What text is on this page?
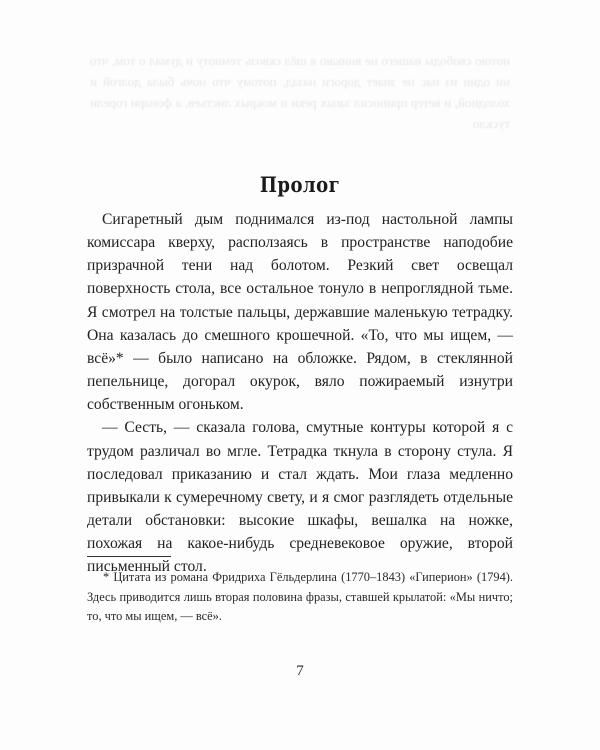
нотою свободы нашего не вникаю я шёл сквозь темноту и думал о том, что ни один из нас не знает дороги назад, потому что ночь была долгой и холодной, и ветер приносил запах реки и мокрых листьев, а фонари горели тускло
Пролог

Сигаретный дым поднимался из-под настольной лампы комиссара кверху, расползаясь в пространстве наподобие призрачной тени над болотом. Резкий свет освещал поверхность стола, все остальное тонуло в непроглядной тьме. Я смотрел на толстые пальцы, державшие маленькую тетрадку. Она казалась до смешного крошечной. «То, что мы ищем, — всё»* — было написано на обложке. Рядом, в стеклянной пепельнице, догорал окурок, вяло пожираемый изнутри собственным огоньком.

— Сесть, — сказала голова, смутные контуры которой я с трудом различал во мгле. Тетрадка ткнула в сторону стула. Я последовал приказанию и стал ждать. Мои глаза медленно привыкали к сумеречному свету, и я смог разглядеть отдельные детали обстановки: высокие шкафы, вешалка на ножке, похожая на какое-нибудь средневековое оружие, второй письменный стол.

* Цитата из романа Фридриха Гёльдерлина (1770–1843) «Гиперион» (1794). Здесь приводится лишь вторая половина фразы, ставшей крылатой: «Мы ничто; то, что мы ищем, — всё».
7
